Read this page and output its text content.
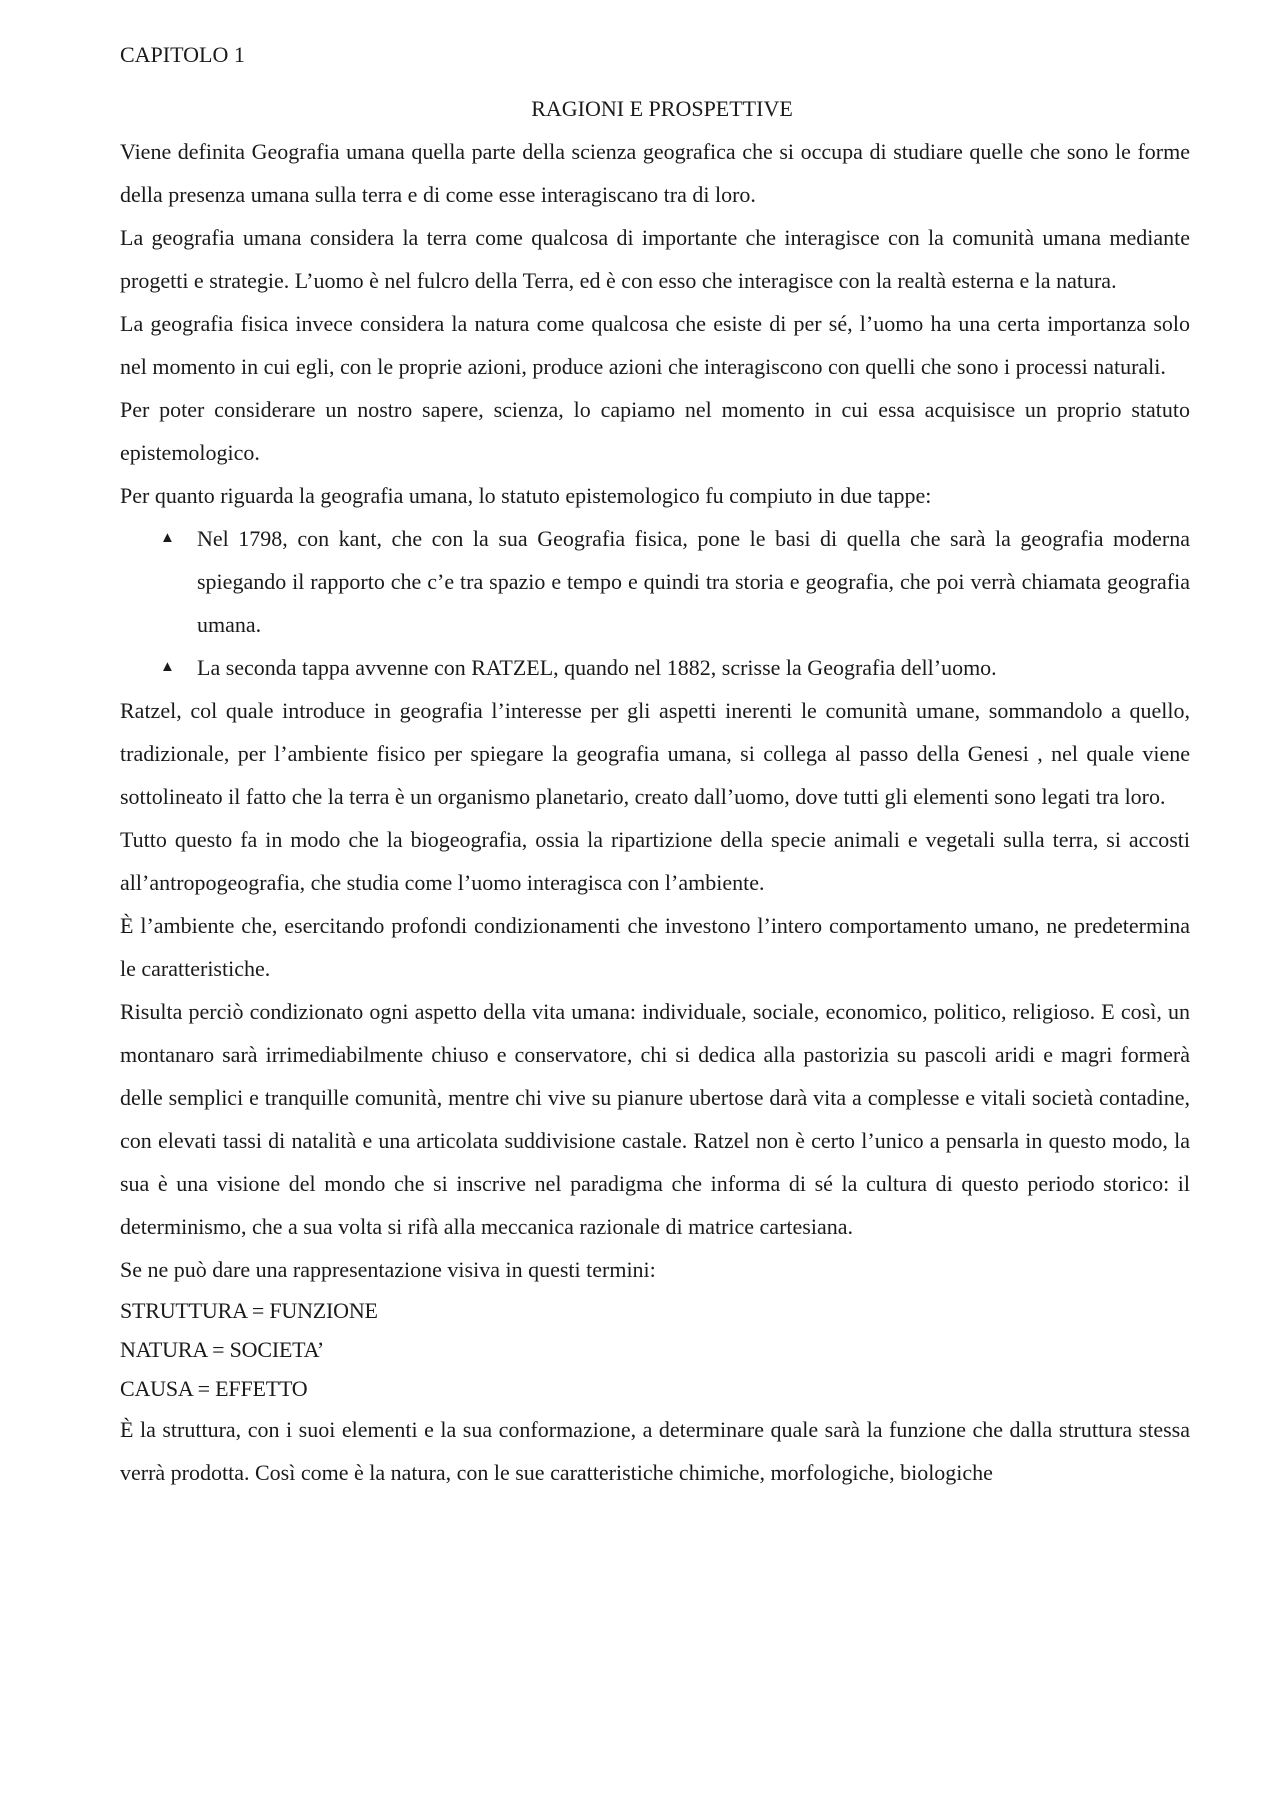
CAPITOLO 1
RAGIONI E PROSPETTIVE

Viene definita Geografia umana quella parte della scienza geografica che si occupa di studiare quelle che sono le forme della presenza umana sulla terra e di come esse interagiscano tra di loro.

La geografia umana considera la terra come qualcosa di importante che interagisce con la comunità umana mediante progetti e strategie. L’uomo è nel fulcro della Terra, ed è con esso che interagisce con la realtà esterna e la natura.

La geografia fisica invece considera la natura come qualcosa che esiste di per sé, l’uomo ha una certa importanza solo nel momento in cui egli, con le proprie azioni, produce azioni che interagiscono con quelli che sono i processi naturali.

Per poter considerare un nostro sapere, scienza, lo capiamo nel momento in cui essa acquisisce un proprio statuto epistemologico.

Per quanto riguarda la geografia umana, lo statuto epistemologico fu compiuto in due tappe:

▲ Nel 1798, con kant, che con la sua Geografia fisica, pone le basi di quella che sarà la geografia moderna spiegando il rapporto che c’e tra spazio e tempo e quindi tra storia e geografia, che poi verrà chiamata geografia umana.
▲ La seconda tappa avvenne con RATZEL, quando nel 1882, scrisse la Geografia dell’uomo.

Ratzel, col quale introduce in geografia l’interesse per gli aspetti inerenti le comunità umane, sommandolo a quello, tradizionale, per l’ambiente fisico per spiegare la geografia umana, si collega al passo della Genesi , nel quale viene sottolineato il fatto che la terra è un organismo planetario, creato dall’uomo, dove tutti gli elementi sono legati tra loro.

Tutto questo fa in modo che la biogeografia, ossia la ripartizione della specie animali e vegetali sulla terra, si accosti all’antropogeografia, che studia come l’uomo interagisca con l’ambiente.

È l’ambiente che, esercitando profondi condizionamenti che investono l’intero comportamento umano, ne predetermina le caratteristiche.

Risulta perciò condizionato ogni aspetto della vita umana: individuale, sociale, economico, politico, religioso. E così, un montanaro sarà irrimediabilmente chiuso e conservatore, chi si dedica alla pastorizia su pascoli aridi e magri formerà delle semplici e tranquille comunità, mentre chi vive su pianure ubertose darà vita a complesse e vitali società contadine, con elevati tassi di natalità e una articolata suddivisione castale. Ratzel non è certo l’unico a pensarla in questo modo, la sua è una visione del mondo che si inscrive nel paradigma che informa di sé la cultura di questo periodo storico: il determinismo, che a sua volta si rifà alla meccanica razionale di matrice cartesiana.

Se ne può dare una rappresentazione visiva in questi termini:

STRUTTURA = FUNZIONE

NATURA = SOCIETA’

CAUSA = EFFETTO

È la struttura, con i suoi elementi e la sua conformazione, a determinare quale sarà la funzione che dalla struttura stessa verrà prodotta. Così come è la natura, con le sue caratteristiche chimiche, morfologiche, biologiche
